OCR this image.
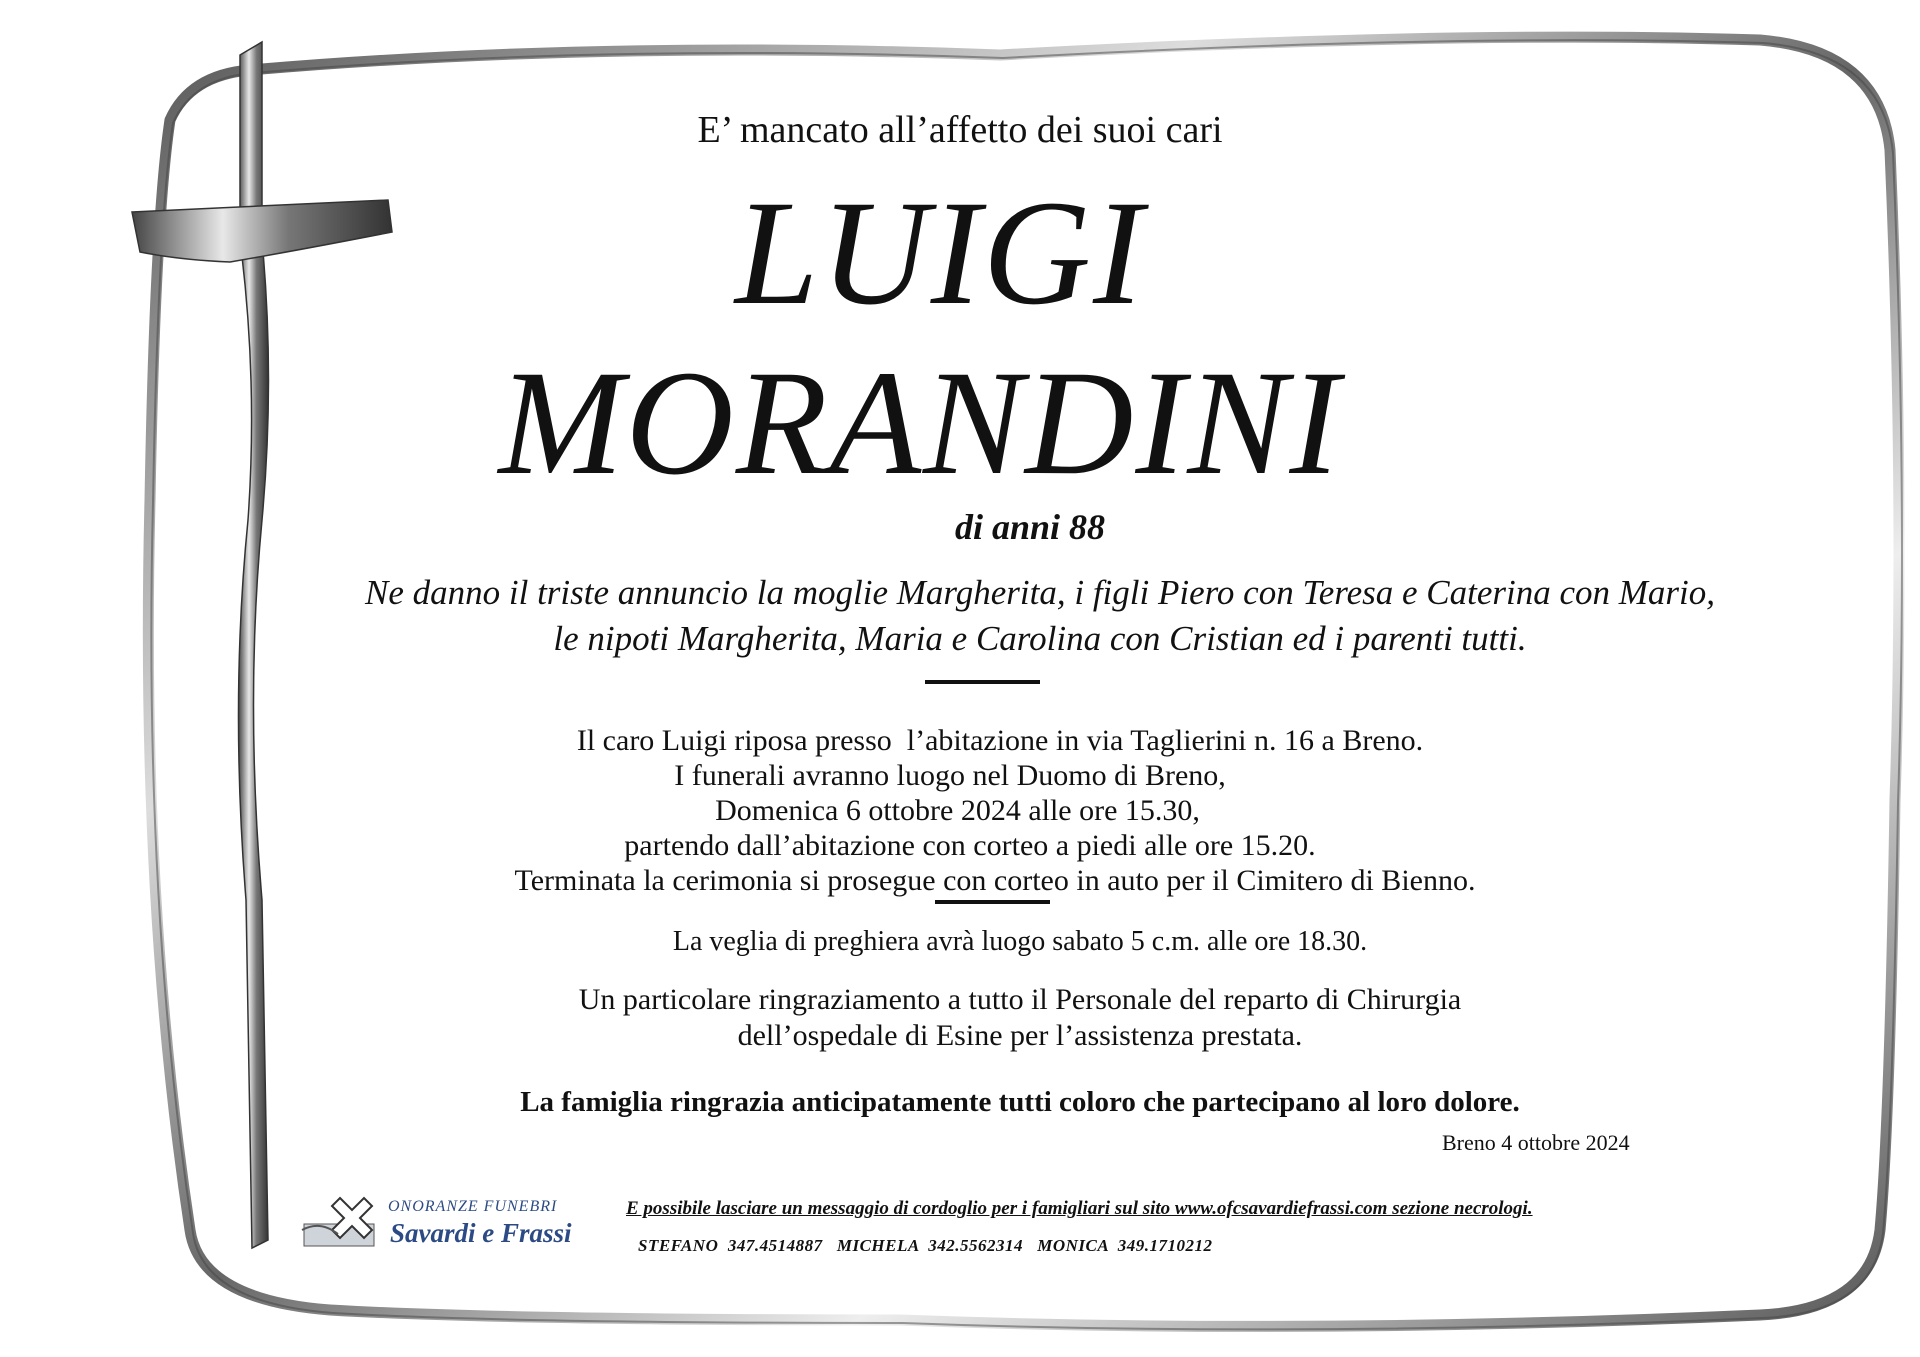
E’ mancato all’affetto dei suoi cari
LUIGI
MORANDINI
di anni 88
Ne danno il triste annuncio la moglie Margherita, i figli Piero con Teresa e Caterina con Mario,
le nipoti Margherita, Maria e Carolina con Cristian ed i parenti tutti.
Il caro Luigi riposa presso  l’abitazione in via Taglierini n. 16 a Breno.
I funerali avranno luogo nel Duomo di Breno,
Domenica 6 ottobre 2024 alle ore 15.30,
partendo dall’abitazione con corteo a piedi alle ore 15.20.
Terminata la cerimonia si prosegue con corteo in auto per il Cimitero di Bienno.
La veglia di preghiera avrà luogo sabato 5 c.m. alle ore 18.30.
Un particolare ringraziamento a tutto il Personale del reparto di Chirurgia
dell’ospedale di Esine per l’assistenza prestata.
La famiglia ringrazia anticipatamente tutti coloro che partecipano al loro dolore.
Breno 4 ottobre 2024
ONORANZE FUNEBRI
Savardi e Frassi
E possibile lasciare un messaggio di cordoglio per i famigliari sul sito www.ofcsavardiefrassi.com sezione necrologi.
STEFANO  347.4514887   MICHELA  342.5562314   MONICA  349.1710212
